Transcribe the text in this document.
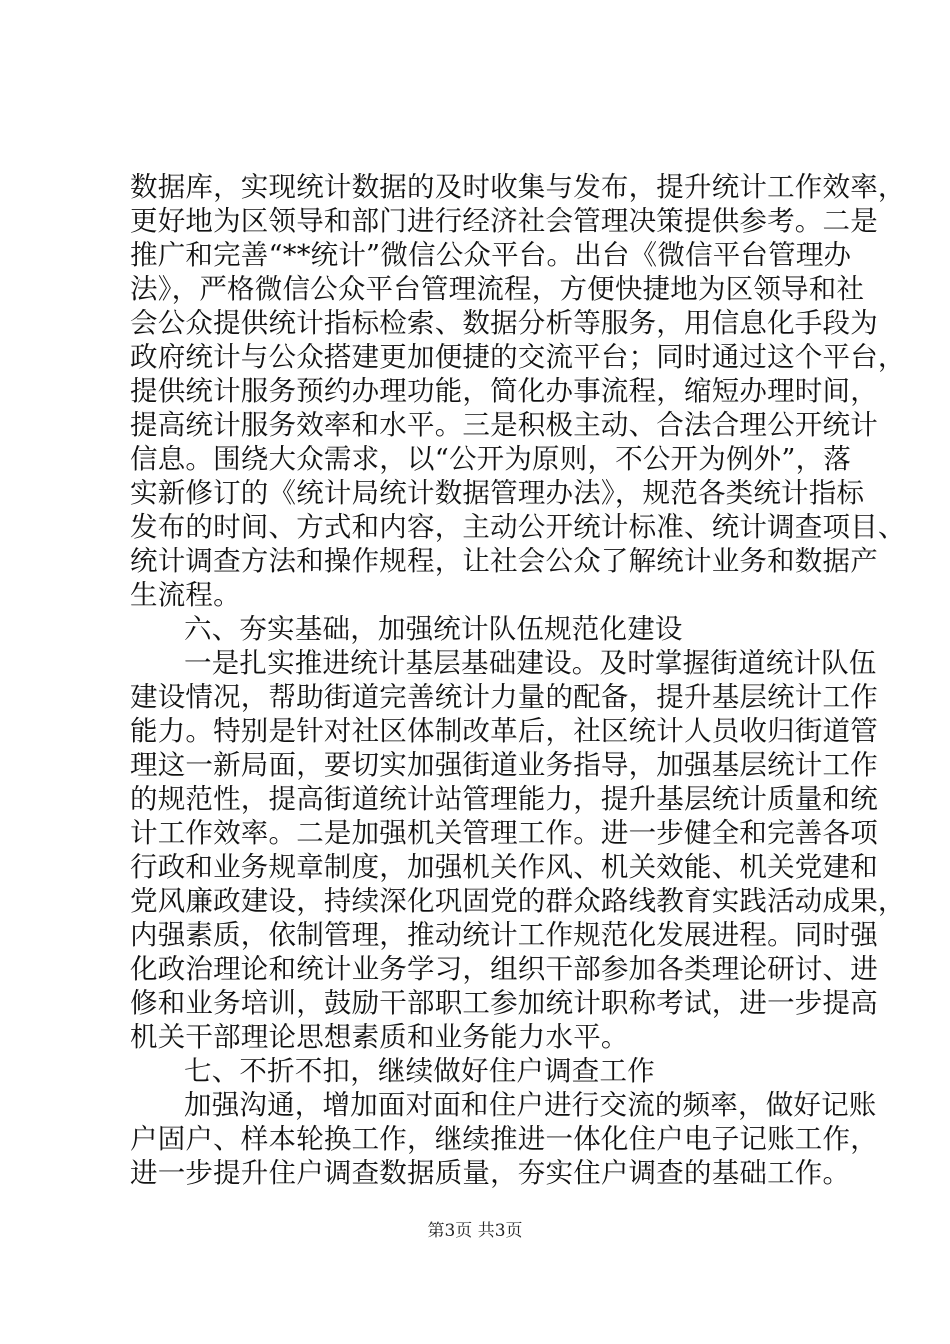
数据库，实现统计数据的及时收集与发布，提升统计工作效率，
更好地为区领导和部门进行经济社会管理决策提供参考。二是
推广和完善“**统计”微信公众平台。出台《微信平台管理办
法》，严格微信公众平台管理流程，方便快捷地为区领导和社
会公众提供统计指标检索、数据分析等服务，用信息化手段为
政府统计与公众搭建更加便捷的交流平台；同时通过这个平台，
提供统计服务预约办理功能，简化办事流程，缩短办理时间，
提高统计服务效率和水平。三是积极主动、合法合理公开统计
信息。围绕大众需求，以“公开为原则，不公开为例外”，落
实新修订的《统计局统计数据管理办法》，规范各类统计指标
发布的时间、方式和内容，主动公开统计标准、统计调查项目、
统计调查方法和操作规程，让社会公众了解统计业务和数据产
生流程。
六、夯实基础，加强统计队伍规范化建设
一是扎实推进统计基层基础建设。及时掌握街道统计队伍
建设情况，帮助街道完善统计力量的配备，提升基层统计工作
能力。特别是针对社区体制改革后，社区统计人员收归街道管
理这一新局面，要切实加强街道业务指导，加强基层统计工作
的规范性，提高街道统计站管理能力，提升基层统计质量和统
计工作效率。二是加强机关管理工作。进一步健全和完善各项
行政和业务规章制度，加强机关作风、机关效能、机关党建和
党风廉政建设，持续深化巩固党的群众路线教育实践活动成果，
内强素质，依制管理，推动统计工作规范化发展进程。同时强
化政治理论和统计业务学习，组织干部参加各类理论研讨、进
修和业务培训，鼓励干部职工参加统计职称考试，进一步提高
机关干部理论思想素质和业务能力水平。
七、不折不扣，继续做好住户调查工作
加强沟通，增加面对面和住户进行交流的频率，做好记账
户固户、样本轮换工作，继续推进一体化住户电子记账工作，
进一步提升住户调查数据质量，夯实住户调查的基础工作。
第3页 共3页
